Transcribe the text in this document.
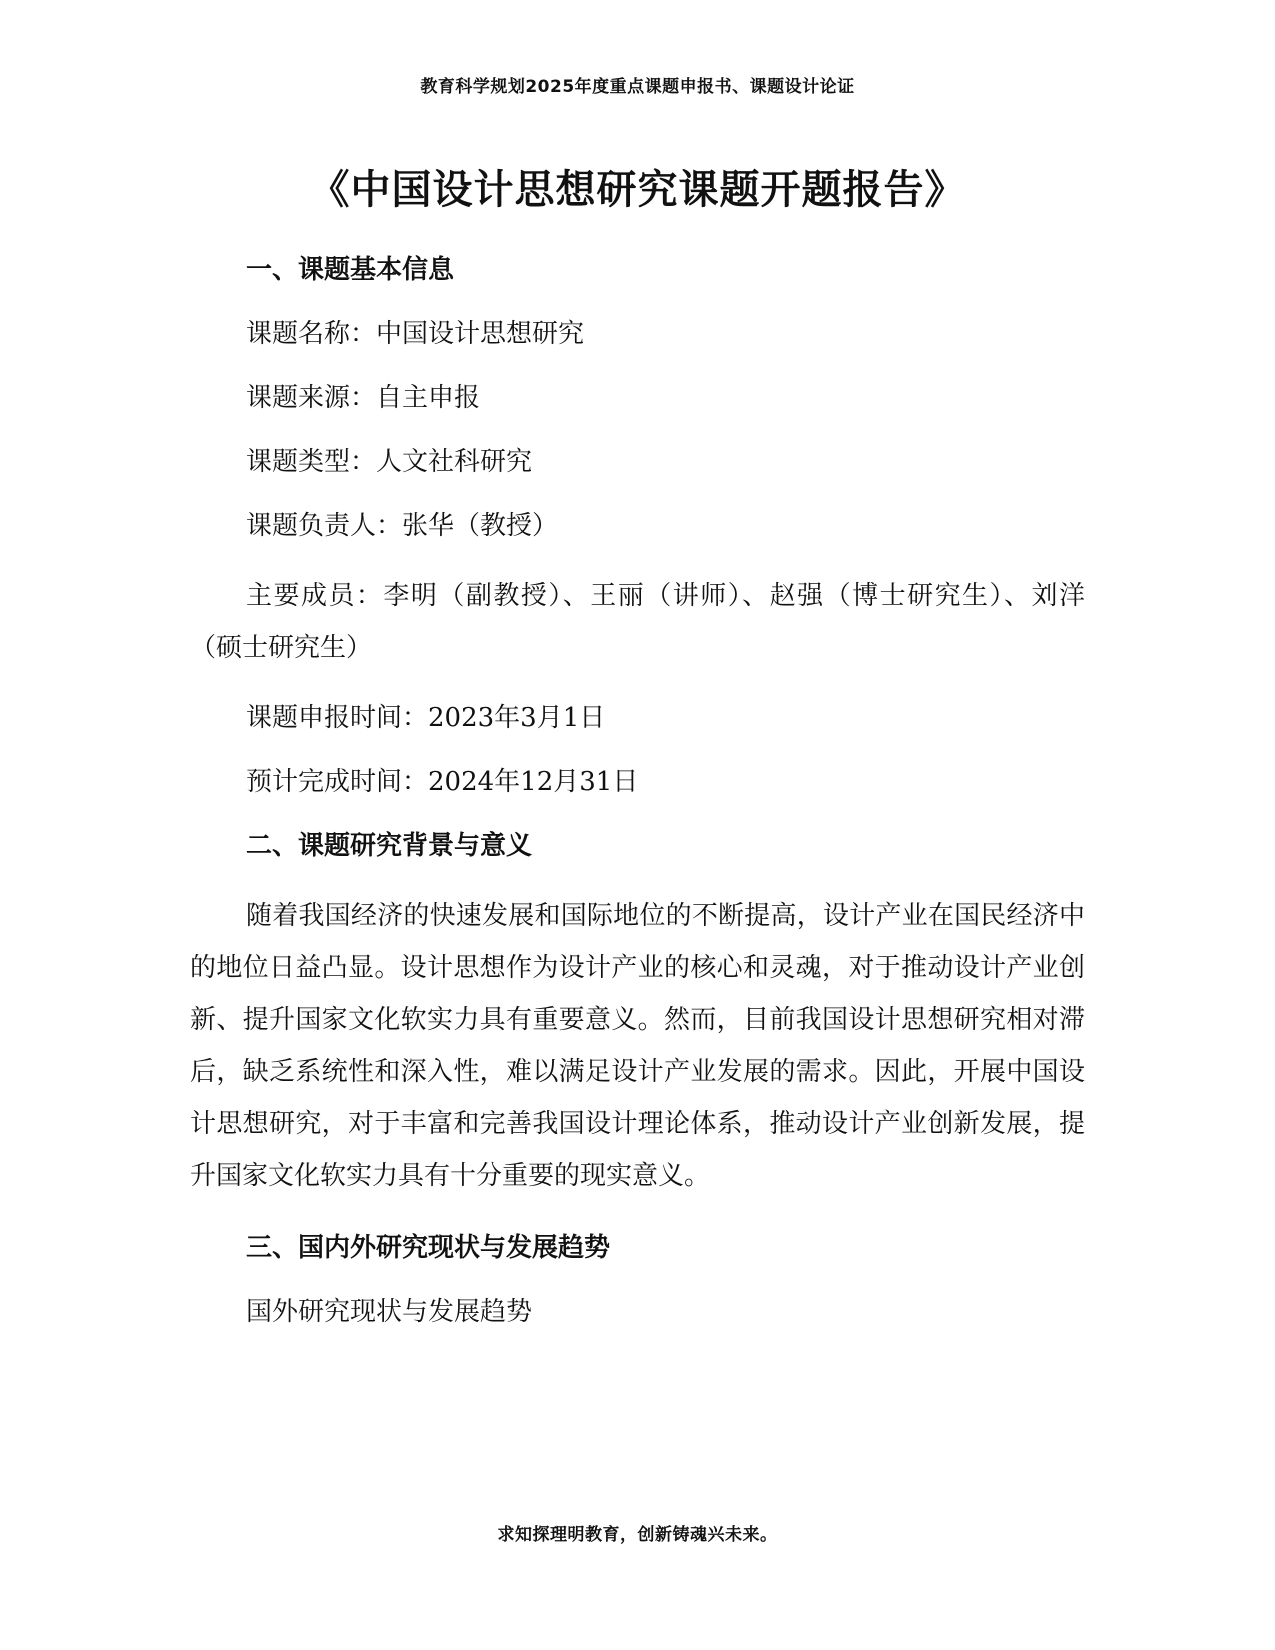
教育科学规划2025年度重点课题申报书、课题设计论证
《中国设计思想研究课题开题报告》
一、课题基本信息

课题名称：中国设计思想研究

课题来源：自主申报

课题类型：人文社科研究

课题负责人：张华（教授）

主要成员：李明（副教授）、王丽（讲师）、赵强（博士研究生）、刘洋（硕士研究生）

课题申报时间：2023年3月1日

预计完成时间：2024年12月31日

二、课题研究背景与意义

随着我国经济的快速发展和国际地位的不断提高，设计产业在国民经济中的地位日益凸显。设计思想作为设计产业的核心和灵魂，对于推动设计产业创新、提升国家文化软实力具有重要意义。然而，目前我国设计思想研究相对滞后，缺乏系统性和深入性，难以满足设计产业发展的需求。因此，开展中国设计思想研究，对于丰富和完善我国设计理论体系，推动设计产业创新发展，提升国家文化软实力具有十分重要的现实意义。

三、国内外研究现状与发展趋势

国外研究现状与发展趋势

求知探理明教育，创新铸魂兴未来。
